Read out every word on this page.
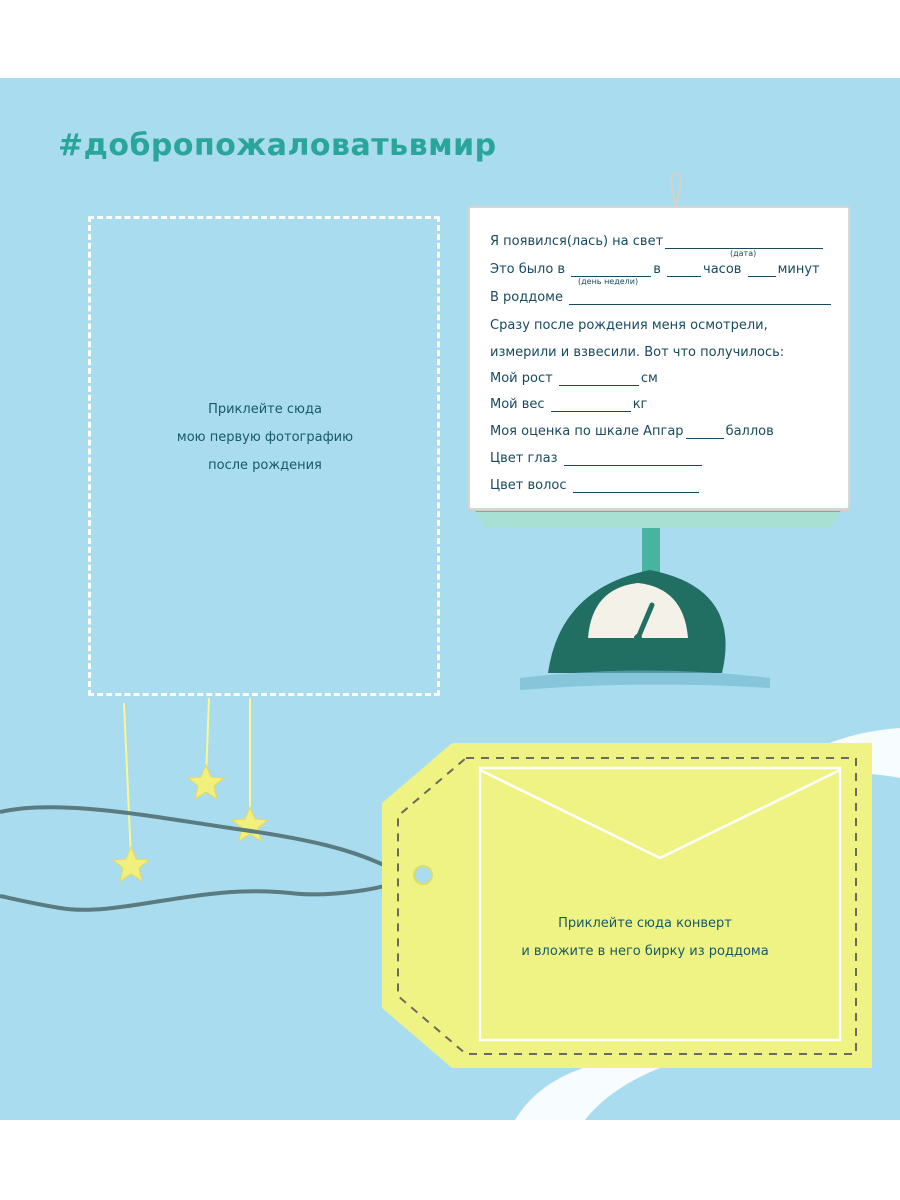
#добропожаловатьвмир
Приклейте сюда
мою первую фотографию
после рождения
Я появился(лась) на свет
(дата)
Это было в	в	часов	минут
(день недели)
В роддоме
Сразу после рождения меня осмотрели,
измерили и взвесили. Вот что получилось:
Мой рост	см
Мой вес	кг
Моя оценка по шкале Апгар	баллов
Цвет глаз
Цвет волос
Приклейте сюда конверт
и вложите в него бирку из роддома
